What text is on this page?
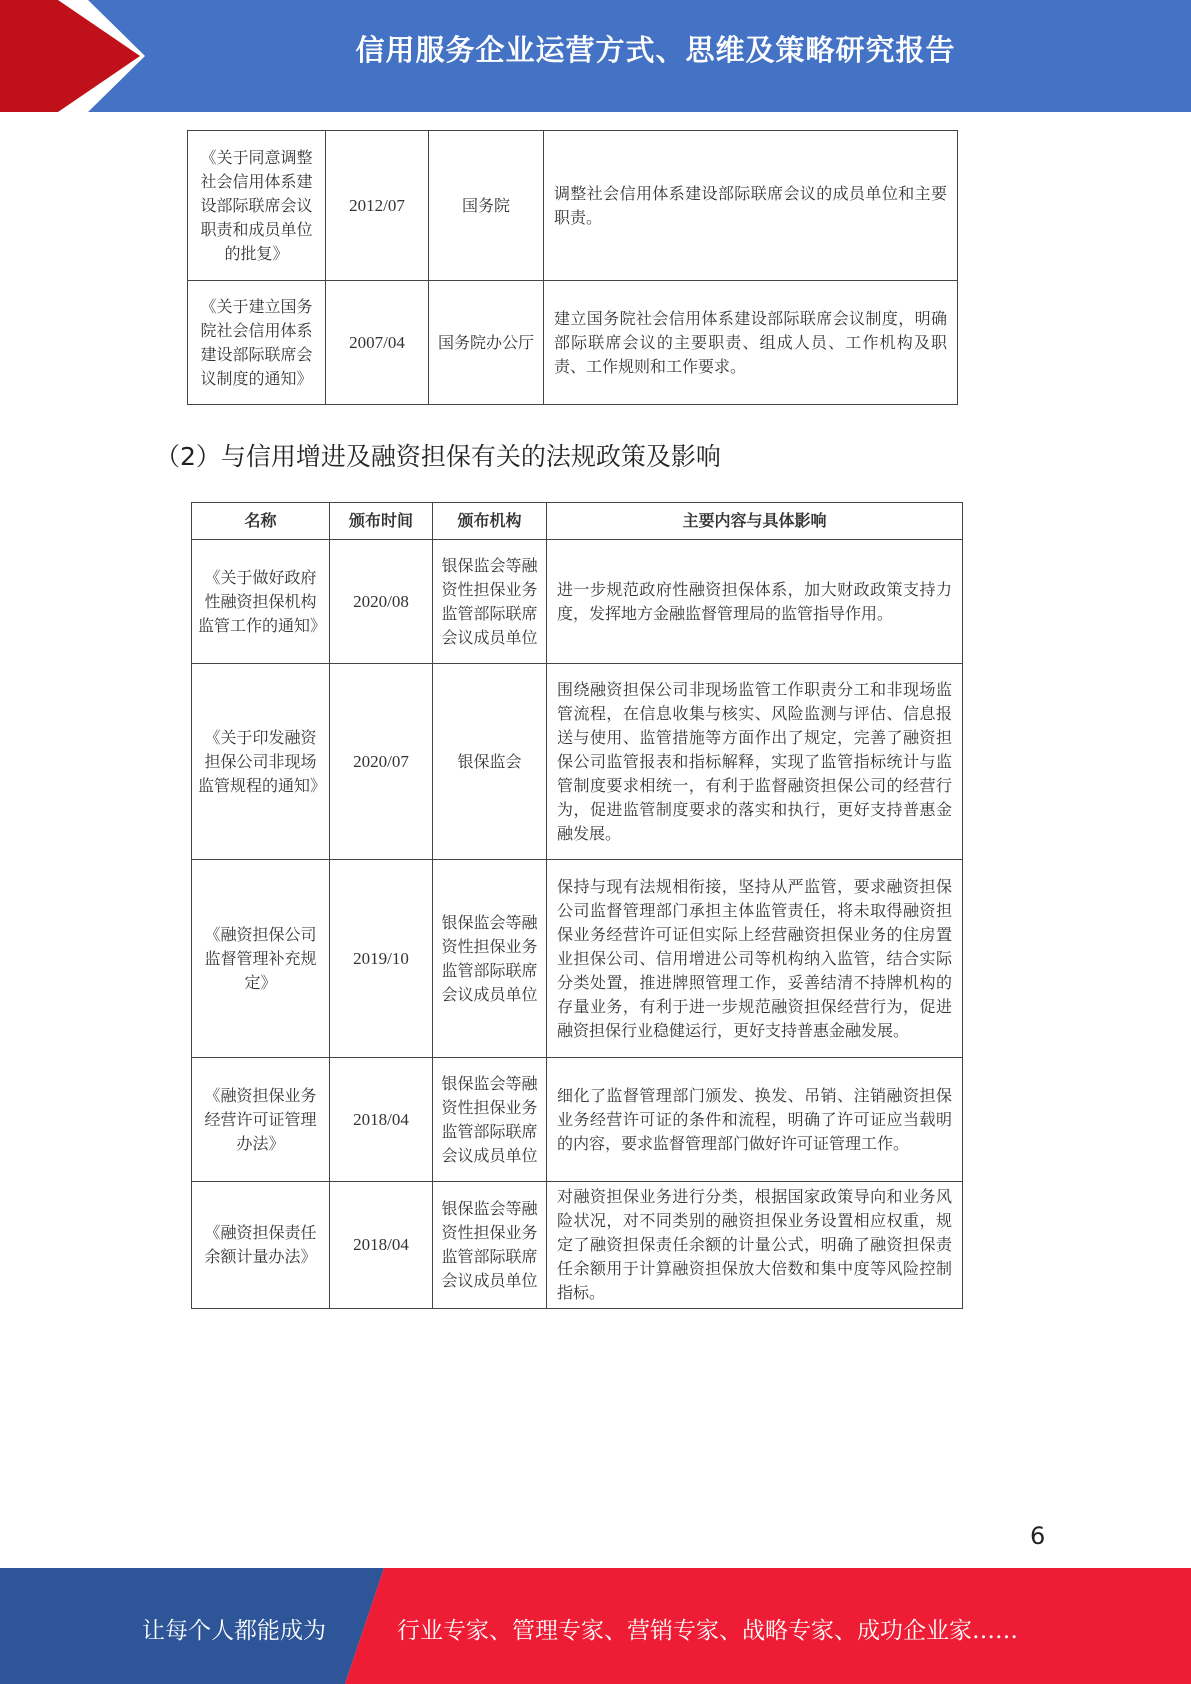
信用服务企业运营方式、思维及策略研究报告
《关于同意调整社会信用体系建设部际联席会议职责和成员单位的批复》	2012/07	国务院	调整社会信用体系建设部际联席会议的成员单位和主要职责。
《关于建立国务院社会信用体系建设部际联席会议制度的通知》	2007/04	国务院办公厅	建立国务院社会信用体系建设部际联席会议制度，明确部际联席会议的主要职责、组成人员、工作机构及职责、工作规则和工作要求。
（2）与信用增进及融资担保有关的法规政策及影响
名称	颁布时间	颁布机构	主要内容与具体影响
《关于做好政府性融资担保机构监管工作的通知》	2020/08	银保监会等融资性担保业务监管部际联席会议成员单位	进一步规范政府性融资担保体系，加大财政政策支持力度，发挥地方金融监督管理局的监管指导作用。
《关于印发融资担保公司非现场监管规程的通知》	2020/07	银保监会	围绕融资担保公司非现场监管工作职责分工和非现场监管流程，在信息收集与核实、风险监测与评估、信息报送与使用、监管措施等方面作出了规定，完善了融资担保公司监管报表和指标解释，实现了监管指标统计与监管制度要求相统一，有利于监督融资担保公司的经营行为，促进监管制度要求的落实和执行，更好支持普惠金融发展。
《融资担保公司监督管理补充规定》	2019/10	银保监会等融资性担保业务监管部际联席会议成员单位	保持与现有法规相衔接，坚持从严监管，要求融资担保公司监督管理部门承担主体监管责任，将未取得融资担保业务经营许可证但实际上经营融资担保业务的住房置业担保公司、信用增进公司等机构纳入监管，结合实际分类处置，推进牌照管理工作，妥善结清不持牌机构的存量业务，有利于进一步规范融资担保经营行为，促进融资担保行业稳健运行，更好支持普惠金融发展。
《融资担保业务经营许可证管理办法》	2018/04	银保监会等融资性担保业务监管部际联席会议成员单位	细化了监督管理部门颁发、换发、吊销、注销融资担保业务经营许可证的条件和流程，明确了许可证应当载明的内容，要求监督管理部门做好许可证管理工作。
《融资担保责任余额计量办法》	2018/04	银保监会等融资性担保业务监管部际联席会议成员单位	对融资担保业务进行分类，根据国家政策导向和业务风险状况，对不同类别的融资担保业务设置相应权重，规定了融资担保责任余额的计量公式，明确了融资担保责任余额用于计算融资担保放大倍数和集中度等风险控制指标。
6
让每个人都能成为	行业专家、管理专家、营销专家、战略专家、成功企业家……
